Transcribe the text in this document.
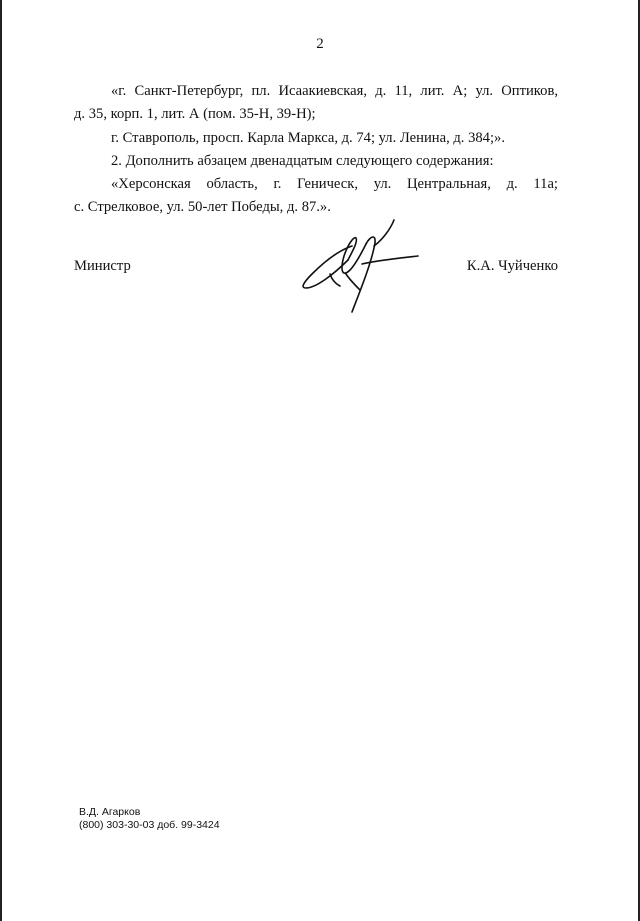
2
«г. Санкт-Петербург, пл. Исаакиевская, д. 11, лит. А; ул. Оптиков,
д. 35, корп. 1, лит. А (пом. 35-Н, 39-Н);
г. Ставрополь, просп. Карла Маркса, д. 74; ул. Ленина, д. 384;».
2. Дополнить абзацем двенадцатым следующего содержания:
«Херсонская область, г. Геническ, ул. Центральная, д. 11а;
с. Стрелковое, ул. 50-лет Победы, д. 87.».
Министр	К.А. Чуйченко
В.Д. Агарков
(800) 303-30-03 доб. 99-3424
